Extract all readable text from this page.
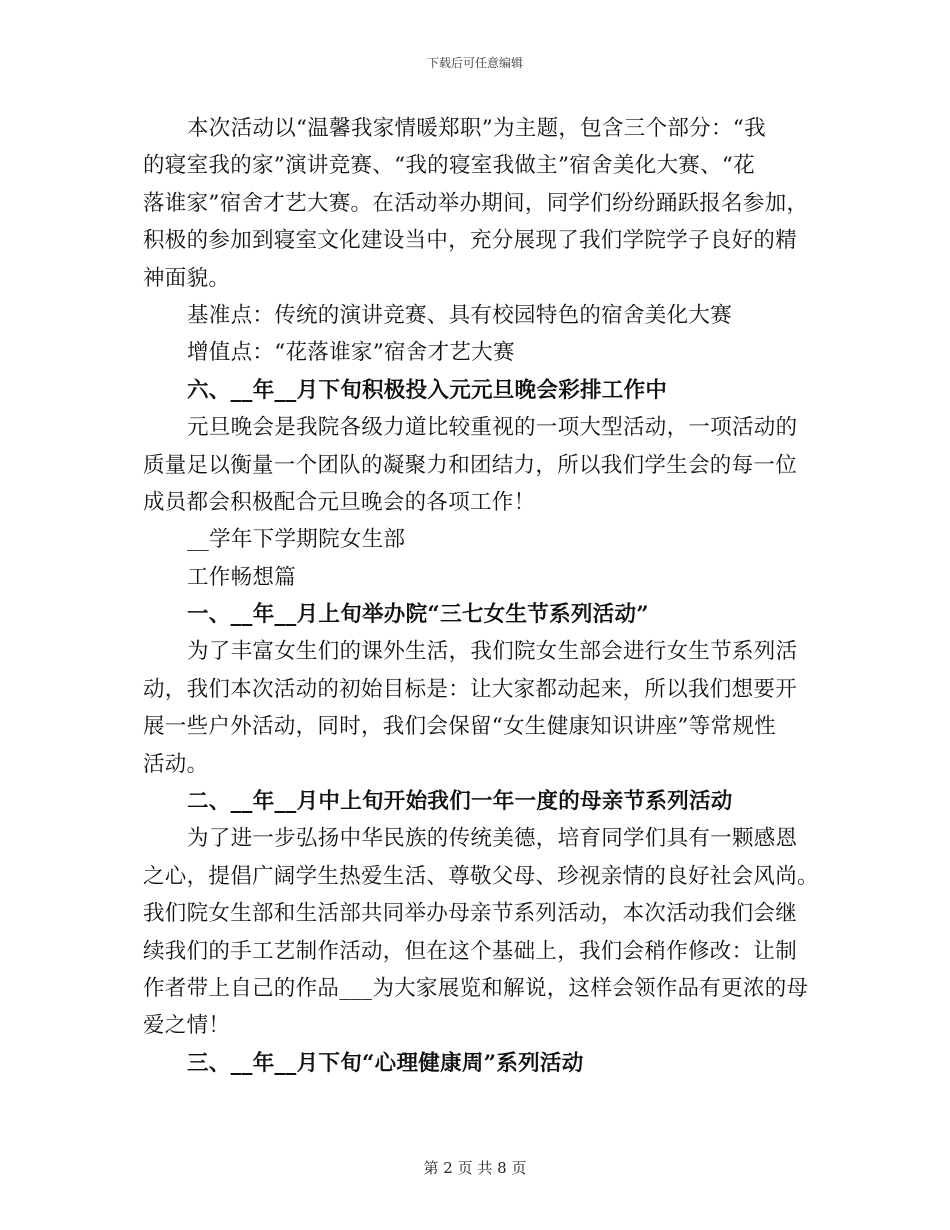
下载后可任意编辑
本次活动以“温馨我家情暖郑职”为主题，包含三个部分：“我
的寝室我的家”演讲竞赛、“我的寝室我做主”宿舍美化大赛、“花
落谁家”宿舍才艺大赛。在活动举办期间，同学们纷纷踊跃报名参加，
积极的参加到寝室文化建设当中，充分展现了我们学院学子良好的精
神面貌。
基准点：传统的演讲竞赛、具有校园特色的宿舍美化大赛
增值点：“花落谁家”宿舍才艺大赛
六、__年__月下旬积极投入元元旦晚会彩排工作中
元旦晚会是我院各级力道比较重视的一项大型活动，一项活动的
质量足以衡量一个团队的凝聚力和团结力，所以我们学生会的每一位
成员都会积极配合元旦晚会的各项工作！
__学年下学期院女生部
工作畅想篇
一、__年__月上旬举办院“三七女生节系列活动”
为了丰富女生们的课外生活，我们院女生部会进行女生节系列活
动，我们本次活动的初始目标是：让大家都动起来，所以我们想要开
展一些户外活动，同时，我们会保留“女生健康知识讲座”等常规性
活动。
二、__年__月中上旬开始我们一年一度的母亲节系列活动
为了进一步弘扬中华民族的传统美德，培育同学们具有一颗感恩
之心，提倡广阔学生热爱生活、尊敬父母、珍视亲情的良好社会风尚。
我们院女生部和生活部共同举办母亲节系列活动，本次活动我们会继
续我们的手工艺制作活动，但在这个基础上，我们会稍作修改：让制
作者带上自己的作品___为大家展览和解说，这样会领作品有更浓的母
爱之情！
三、__年__月下旬“心理健康周”系列活动
第 2 页 共 8 页
